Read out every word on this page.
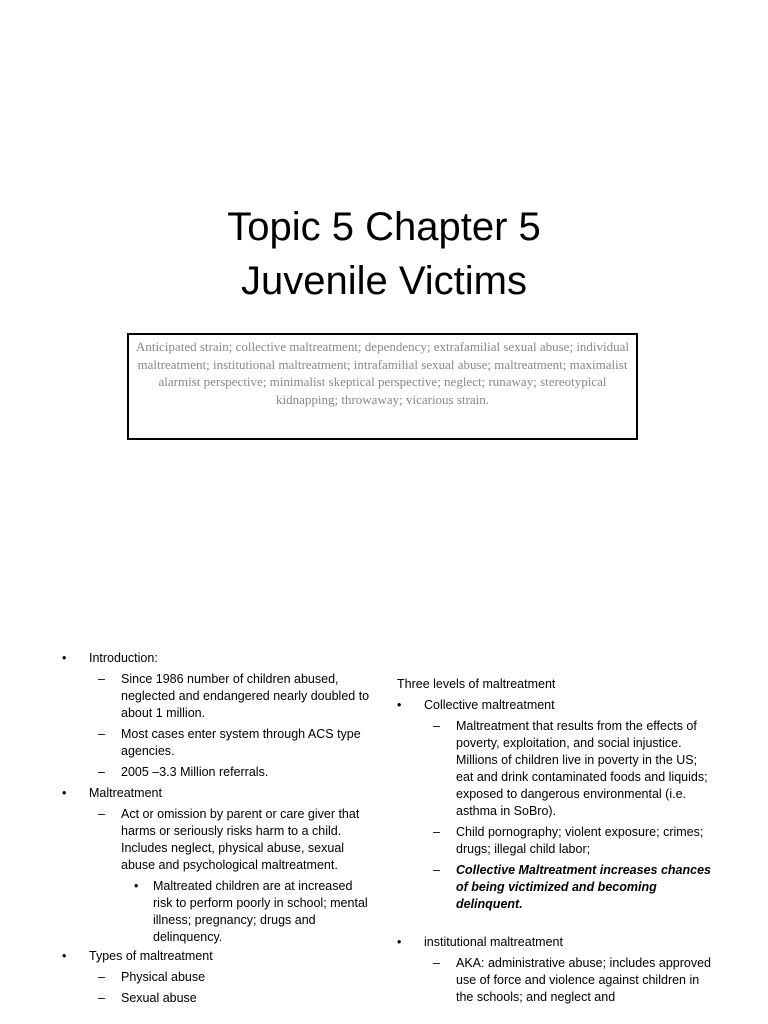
Topic 5 Chapter 5
Juvenile Victims
Anticipated strain; collective maltreatment; dependency; extrafamilial sexual abuse; individual maltreatment; institutional maltreatment; intrafamilial sexual abuse; maltreatment; maximalist alarmist perspective; minimalist skeptical perspective; neglect; runaway; stereotypical kidnapping; throwaway; vicarious strain.
• Introduction:
– Since 1986 number of children abused, neglected and endangered nearly doubled to about 1 million.
– Most cases enter system through ACS type agencies.
– 2005 –3.3 Million referrals.
• Maltreatment
– Act or omission by parent or care giver that harms or seriously risks harm to a child. Includes neglect, physical abuse, sexual abuse and psychological maltreatment.
• Maltreated children are at increased risk to perform poorly in school; mental illness; pregnancy; drugs and delinquency.
• Types of maltreatment
– Physical abuse
– Sexual abuse
Three levels of maltreatment
• Collective maltreatment
– Maltreatment that results from the effects of poverty, exploitation, and social injustice. Millions of children live in poverty in the US; eat and drink contaminated foods and liquids; exposed to dangerous environmental (i.e. asthma in SoBro).
– Child pornography; violent exposure; crimes; drugs; illegal child labor;
– Collective Maltreatment increases chances of being victimized and becoming delinquent.
• institutional maltreatment
– AKA: administrative abuse; includes approved use of force and violence against children in the schools; and neglect and
